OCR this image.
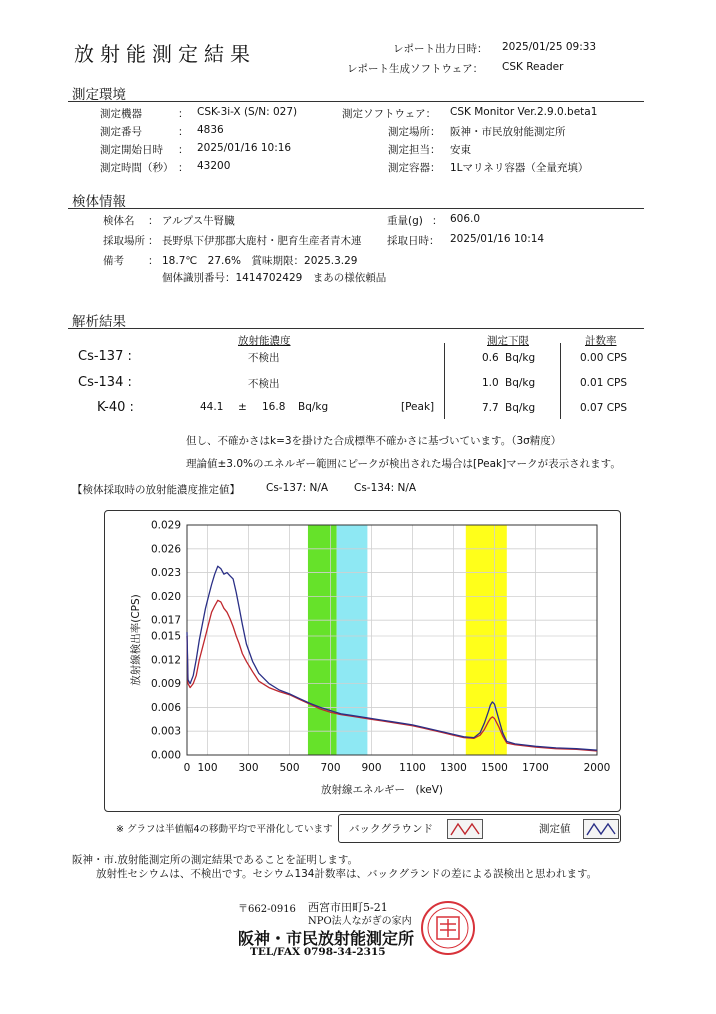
放射能測定結果	レポート出力日時： 2025/01/25 09:33
レポート生成ソフトウェア： CSK Reader
測定環境
測定機器	： CSK-3i-X (S/N: 027)
測定番号	： 4836
測定開始日時 ： 2025/01/16 10:16
測定時間（秒） ： 43200
測定ソフトウェア： CSK Monitor Ver.2.9.0.beta1
測定場所： 阪神・市民放射能測定所
測定担当： 安東
測定容器： 1Lマリネリ容器（全量充填）
検体情報
検体名 ： アルプス牛腎臓
採取場所 ： 長野県下伊那郡大鹿村・肥育生産者青木連
備考 ： 18.7℃　27.6%　賞味期限：2025.3.29
個体識別番号：1414702429　まあの様依頼品
重量(g) ： 606.0
採取日時： 2025/01/16 10:14
解析結果
放射能濃度	測定下限	計数率
Cs-137 :	不検出	0.6 Bq/kg	0.00 CPS
Cs-134 :	不検出	1.0 Bq/kg	0.01 CPS
K-40 :	44.1 ± 16.8 Bq/kg	[Peak]	7.7 Bq/kg	0.07 CPS
但し、不確かさはk=3を掛けた合成標準不確かさに基づいています。（3σ精度）
理論値±3.0%のエネルギー範囲にピークが検出された場合は[Peak]マークが表示されます。
【検体採取時の放射能濃度推定値】 Cs-137: N/A Cs-134: N/A
0.000
0.003
0.006
0.009
0.012
0.015
0.017
0.020
0.023
0.026
0.029
0 100 300 500 700 900 1100 1300 1500 1700	2000
放射線エネルギー　(keV)
放射線検出率(CPS)
※ グラフは半値幅4の移動平均で平滑化しています バックグラウンド	測定値
阪神・市.放射能測定所の測定結果であることを証明します。
放射性セシウムは、不検出です。セシウム134計数率は、バックグランドの差による誤検出と思われます。
〒662-0916 西宮市田町5-21
NPO法人ながぎの家内
阪神・市民放射能測定所
TEL/FAX 0798-34-2315
